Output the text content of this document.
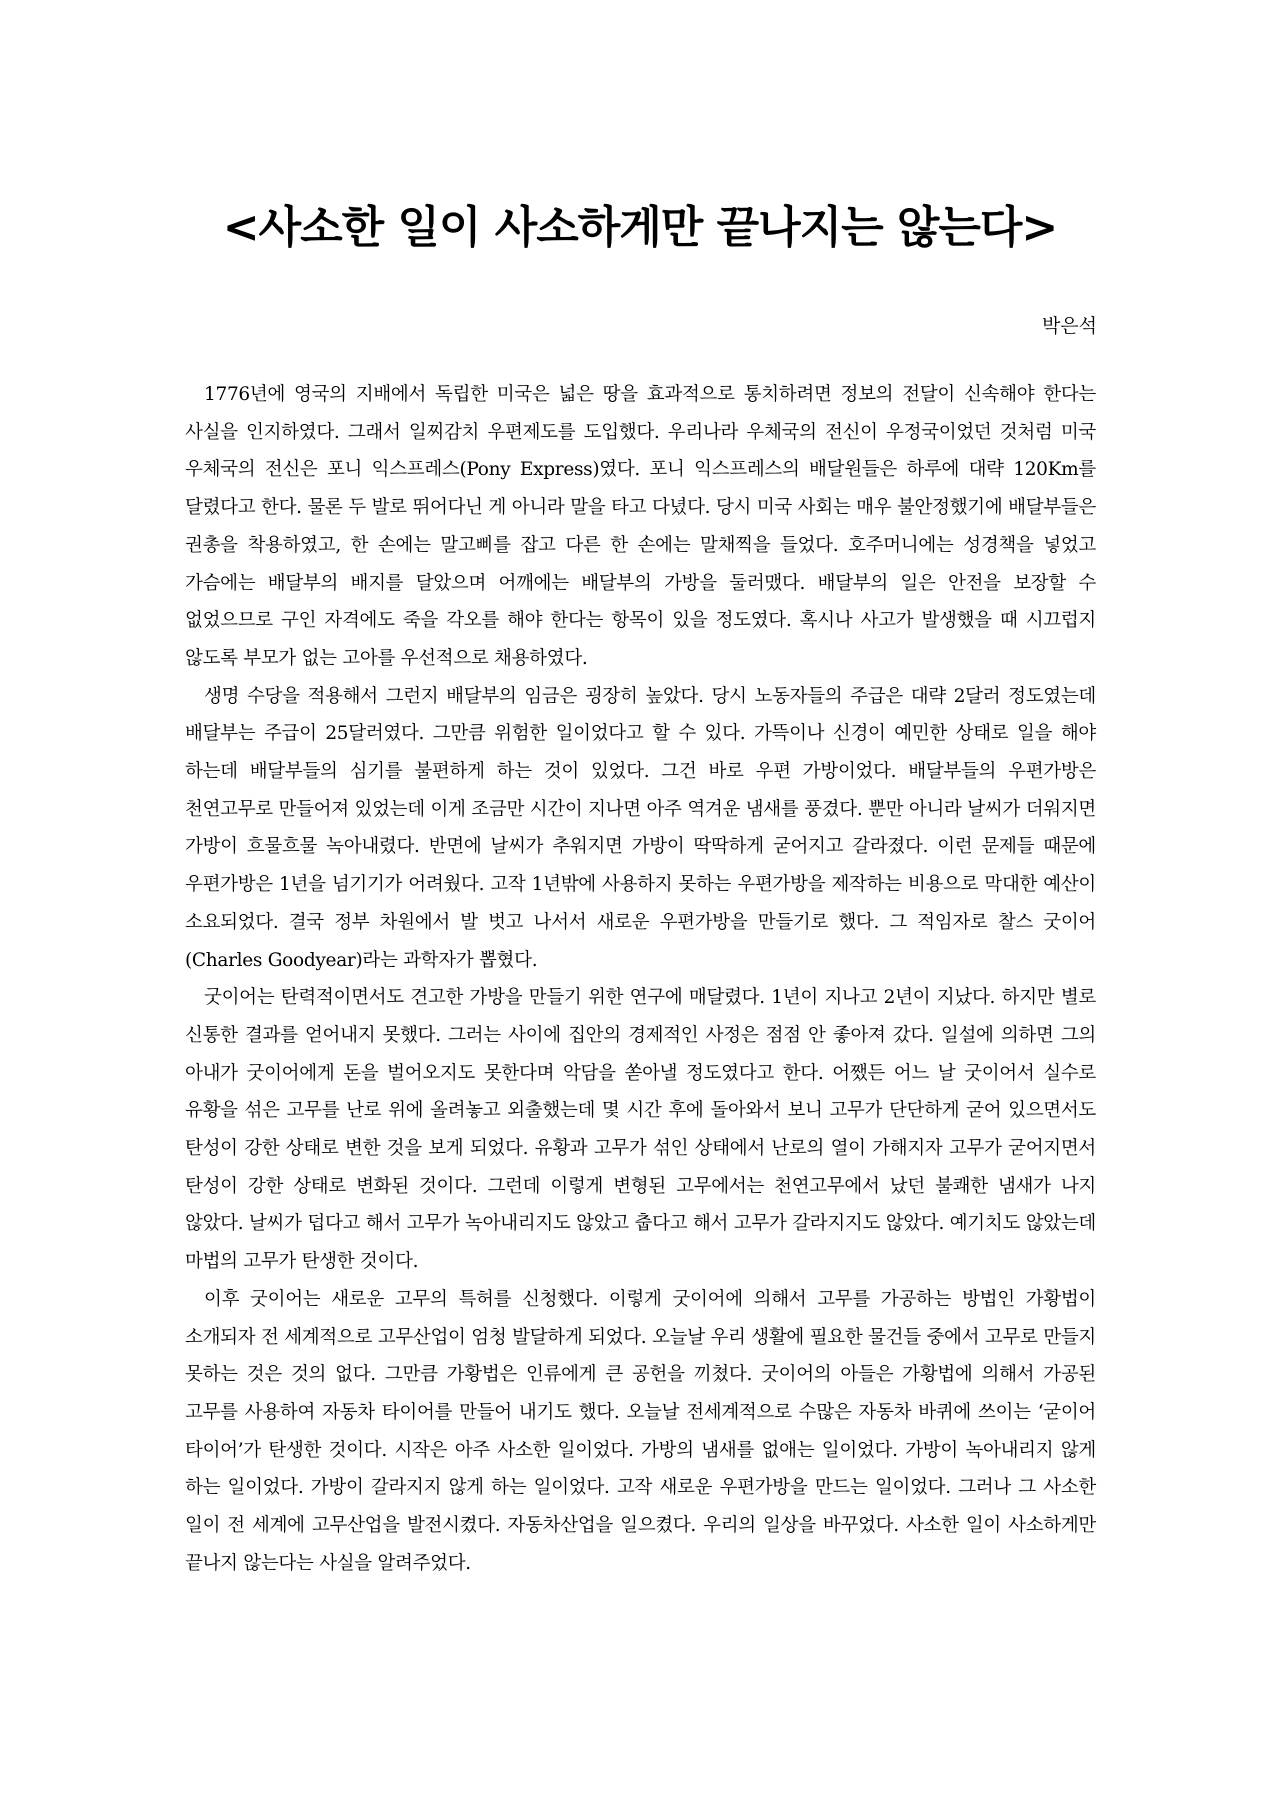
<사소한 일이 사소하게만 끝나지는 않는다>

박은석

1776년에 영국의 지배에서 독립한 미국은 넓은 땅을 효과적으로 통치하려면 정보의 전달이 신속해야 한다는 사실을 인지하였다. 그래서 일찌감치 우편제도를 도입했다. 우리나라 우체국의 전신이 우정국이었던 것처럼 미국 우체국의 전신은 포니 익스프레스(Pony Express)였다. 포니 익스프레스의 배달원들은 하루에 대략 120Km를 달렸다고 한다. 물론 두 발로 뛰어다닌 게 아니라 말을 타고 다녔다. 당시 미국 사회는 매우 불안정했기에 배달부들은 권총을 착용하였고, 한 손에는 말고삐를 잡고 다른 한 손에는 말채찍을 들었다. 호주머니에는 성경책을 넣었고 가슴에는 배달부의 배지를 달았으며 어깨에는 배달부의 가방을 둘러맸다. 배달부의 일은 안전을 보장할 수 없었으므로 구인 자격에도 죽을 각오를 해야 한다는 항목이 있을 정도였다. 혹시나 사고가 발생했을 때 시끄럽지 않도록 부모가 없는 고아를 우선적으로 채용하였다.

생명 수당을 적용해서 그런지 배달부의 임금은 굉장히 높았다. 당시 노동자들의 주급은 대략 2달러 정도였는데 배달부는 주급이 25달러였다. 그만큼 위험한 일이었다고 할 수 있다. 가뜩이나 신경이 예민한 상태로 일을 해야 하는데 배달부들의 심기를 불편하게 하는 것이 있었다. 그건 바로 우편 가방이었다. 배달부들의 우편가방은 천연고무로 만들어져 있었는데 이게 조금만 시간이 지나면 아주 역겨운 냄새를 풍겼다. 뿐만 아니라 날씨가 더워지면 가방이 흐물흐물 녹아내렸다. 반면에 날씨가 추워지면 가방이 딱딱하게 굳어지고 갈라졌다. 이런 문제들 때문에 우편가방은 1년을 넘기기가 어려웠다. 고작 1년밖에 사용하지 못하는 우편가방을 제작하는 비용으로 막대한 예산이 소요되었다. 결국 정부 차원에서 발 벗고 나서서 새로운 우편가방을 만들기로 했다. 그 적임자로 찰스 굿이어(Charles Goodyear)라는 과학자가 뽑혔다.

굿이어는 탄력적이면서도 견고한 가방을 만들기 위한 연구에 매달렸다. 1년이 지나고 2년이 지났다. 하지만 별로 신통한 결과를 얻어내지 못했다. 그러는 사이에 집안의 경제적인 사정은 점점 안 좋아져 갔다. 일설에 의하면 그의 아내가 굿이어에게 돈을 벌어오지도 못한다며 악담을 쏟아낼 정도였다고 한다. 어쨌든 어느 날 굿이어서 실수로 유황을 섞은 고무를 난로 위에 올려놓고 외출했는데 몇 시간 후에 돌아와서 보니 고무가 단단하게 굳어 있으면서도 탄성이 강한 상태로 변한 것을 보게 되었다. 유황과 고무가 섞인 상태에서 난로의 열이 가해지자 고무가 굳어지면서 탄성이 강한 상태로 변화된 것이다. 그런데 이렇게 변형된 고무에서는 천연고무에서 났던 불쾌한 냄새가 나지 않았다. 날씨가 덥다고 해서 고무가 녹아내리지도 않았고 춥다고 해서 고무가 갈라지지도 않았다. 예기치도 않았는데 마법의 고무가 탄생한 것이다.

이후 굿이어는 새로운 고무의 특허를 신청했다. 이렇게 굿이어에 의해서 고무를 가공하는 방법인 가황법이 소개되자 전 세계적으로 고무산업이 엄청 발달하게 되었다. 오늘날 우리 생활에 필요한 물건들 중에서 고무로 만들지 못하는 것은 것의 없다. 그만큼 가황법은 인류에게 큰 공헌을 끼쳤다. 굿이어의 아들은 가황법에 의해서 가공된 고무를 사용하여 자동차 타이어를 만들어 내기도 했다. 오늘날 전세계적으로 수많은 자동차 바퀴에 쓰이는 ‘굳이어 타이어’가 탄생한 것이다. 시작은 아주 사소한 일이었다. 가방의 냄새를 없애는 일이었다. 가방이 녹아내리지 않게 하는 일이었다. 가방이 갈라지지 않게 하는 일이었다. 고작 새로운 우편가방을 만드는 일이었다. 그러나 그 사소한 일이 전 세계에 고무산업을 발전시켰다. 자동차산업을 일으켰다. 우리의 일상을 바꾸었다. 사소한 일이 사소하게만 끝나지 않는다는 사실을 알려주었다.
